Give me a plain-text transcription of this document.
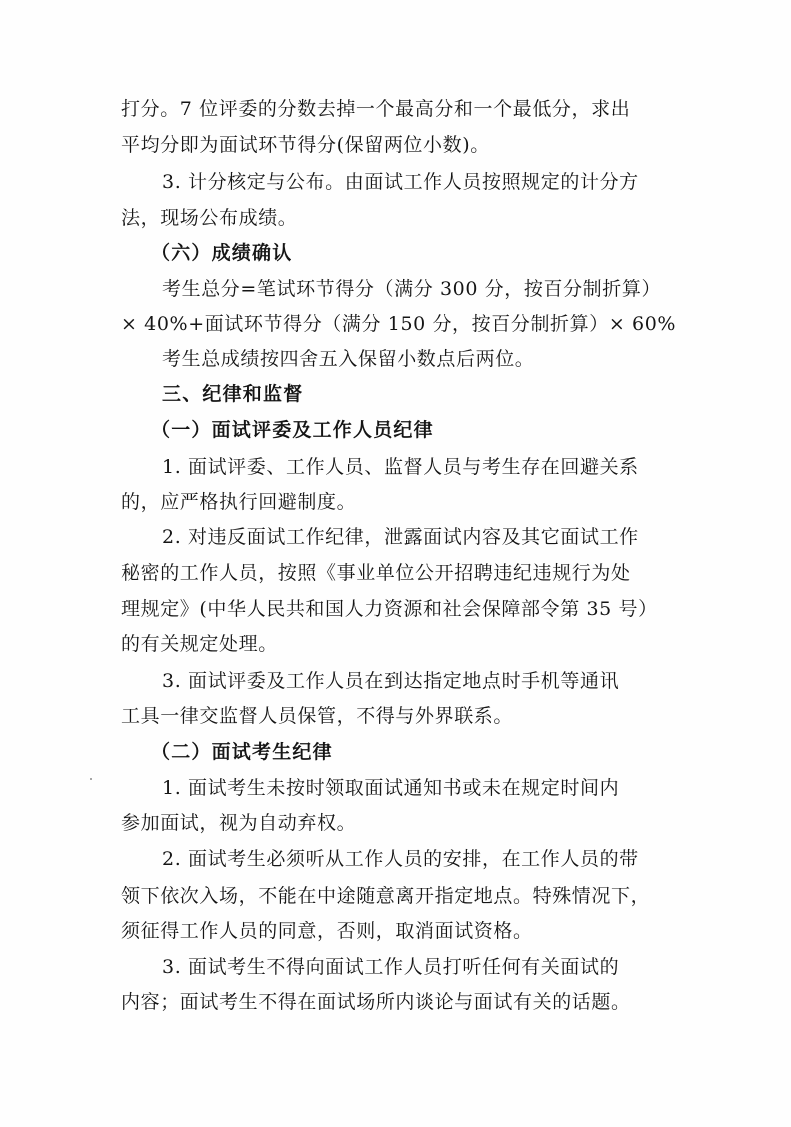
打分。7 位评委的分数去掉一个最高分和一个最低分，求出
平均分即为面试环节得分(保留两位小数)。
3. 计分核定与公布。由面试工作人员按照规定的计分方
法，现场公布成绩。
（六）成绩确认
考生总分=笔试环节得分（满分 300 分，按百分制折算）
× 40%+面试环节得分（满分 150 分，按百分制折算）× 60%
考生总成绩按四舍五入保留小数点后两位。
三、纪律和监督
（一）面试评委及工作人员纪律
1. 面试评委、工作人员、监督人员与考生存在回避关系
的，应严格执行回避制度。
2. 对违反面试工作纪律，泄露面试内容及其它面试工作
秘密的工作人员，按照《事业单位公开招聘违纪违规行为处
理规定》(中华人民共和国人力资源和社会保障部令第 35 号）
的有关规定处理。
3. 面试评委及工作人员在到达指定地点时手机等通讯
工具一律交监督人员保管，不得与外界联系。
（二）面试考生纪律
1. 面试考生未按时领取面试通知书或未在规定时间内
参加面试，视为自动弃权。
2. 面试考生必须听从工作人员的安排，在工作人员的带
领下依次入场，不能在中途随意离开指定地点。特殊情况下，
须征得工作人员的同意，否则，取消面试资格。
3. 面试考生不得向面试工作人员打听任何有关面试的
内容；面试考生不得在面试场所内谈论与面试有关的话题。
